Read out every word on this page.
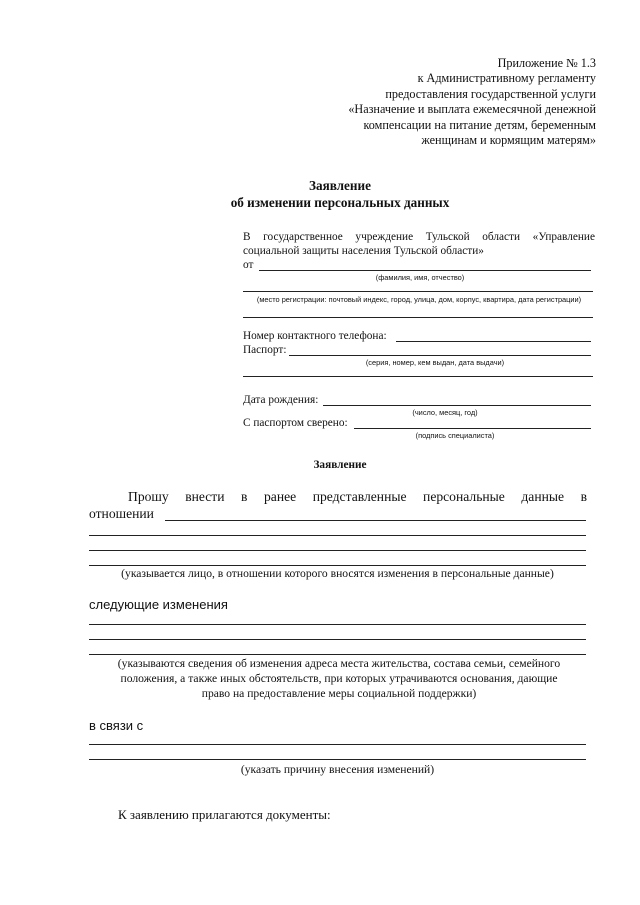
Приложение № 1.3
к Административному регламенту
предоставления государственной услуги
«Назначение и выплата ежемесячной денежной
компенсации на питание детям, беременным
женщинам и кормящим матерям»
Заявление
об изменении персональных данных
В государственное учреждение Тульской области «Управление
социальной защиты населения Тульской области»
от
(фамилия, имя, отчество)
(место регистрации: почтовый индекс, город, улица, дом, корпус, квартира, дата регистрации)
Номер контактного телефона:
Паспорт:
(серия, номер, кем выдан, дата выдачи)
Дата рождения:
(число, месяц, год)
С паспортом сверено:
(подпись специалиста)
Заявление
Прошу внести в ранее представленные персональные данные в
отношении
(указывается лицо, в отношении которого вносятся изменения в персональные данные)
следующие изменения
(указываются сведения об изменения адреса места жительства, состава семьи, семейного
положения, а также иных обстоятельств, при которых утрачиваются основания, дающие
право на предоставление меры социальной поддержки)
в связи с
(указать причину внесения изменений)
К заявлению прилагаются документы:
